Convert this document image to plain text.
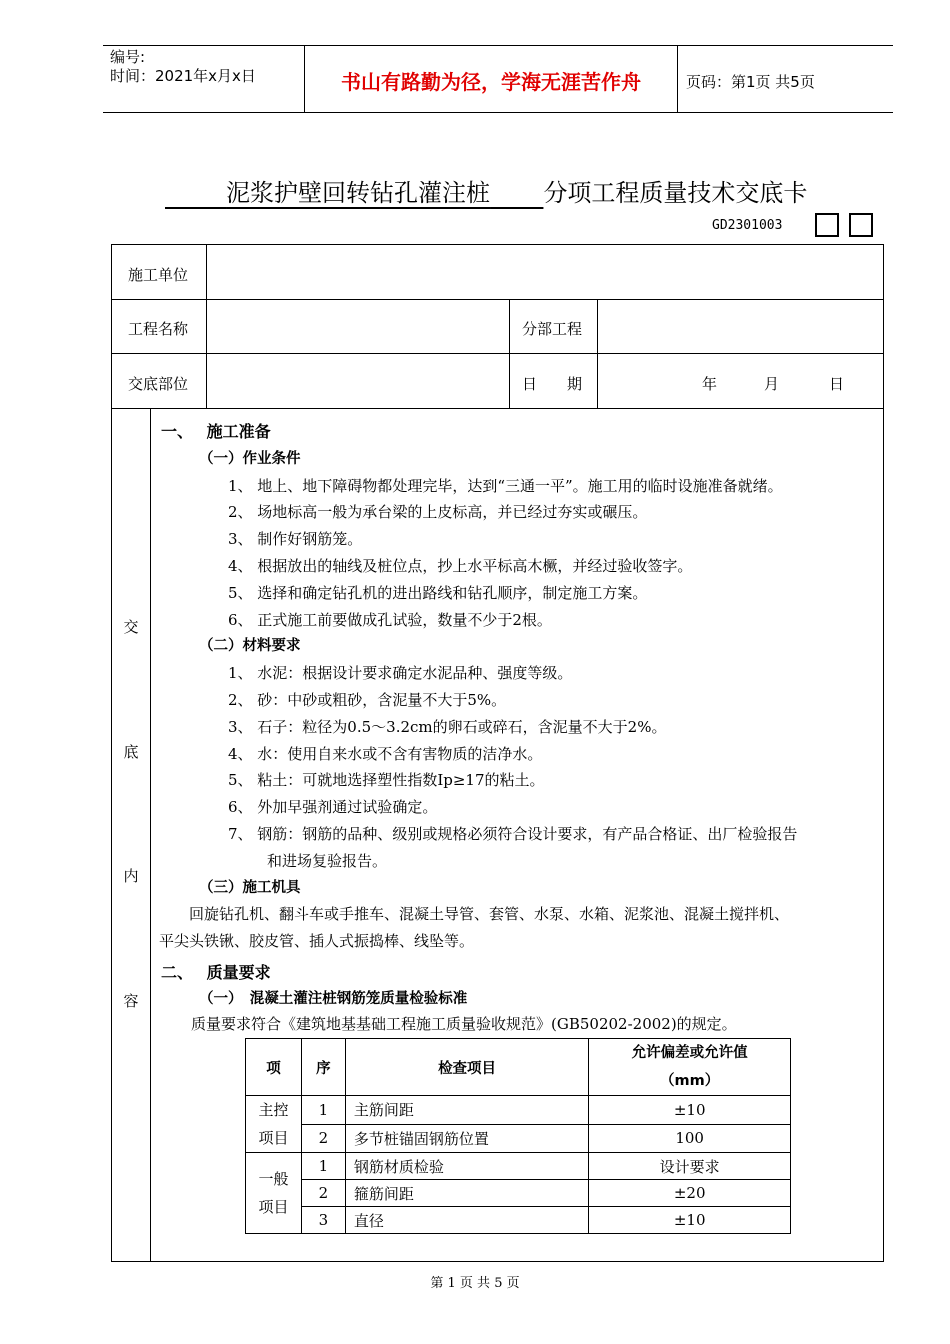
编号:
时间：2021年x月x日	书山有路勤为径，学海无涯苦作舟	页码：第1页 共5页
泥浆护壁回转钻孔灌注桩 分项工程质量技术交底卡
GD2301003
施工单位
工程名称	分部工程
交底部位	日　　期	年	月	日
交
底
内
容

一、　 施工准备

（一）作业条件

1、 地上、地下障碍物都处理完毕，达到“三通一平”。施工用的临时设施准备就绪。

2、 场地标高一般为承台梁的上皮标高，并已经过夯实或碾压。

3、 制作好钢筋笼。

4、 根据放出的轴线及桩位点，抄上水平标高木橛，并经过验收签字。

5、 选择和确定钻孔机的进出路线和钻孔顺序，制定施工方案。

6、 正式施工前要做成孔试验，数量不少于2根。

（二）材料要求

1、 水泥：根据设计要求确定水泥品种、强度等级。

2、 砂：中砂或粗砂，含泥量不大于5%。

3、 石子：粒径为0.5～3.2cm的卵石或碎石，含泥量不大于2%。

4、 水：使用自来水或不含有害物质的洁净水。

5、 粘土：可就地选择塑性指数Ip≥17的粘土。

6、 外加早强剂通过试验确定。

7、 钢筋：钢筋的品种、级别或规格必须符合设计要求，有产品合格证、出厂检验报告

和进场复验报告。

（三）施工机具

　　回旋钻孔机、翻斗车或手推车、混凝土导管、套管、水泵、水箱、泥浆池、混凝土搅拌机、

平尖头铁锹、胶皮管、插人式振捣棒、线坠等。

二、　 质量要求

（一）　混凝土灌注桩钢筋笼质量检验标准

　　质量要求符合《建筑地基基础工程施工质量验收规范》(GB50202-2002)的规定。

项	序	检查项目	允许偏差或允许值
（mm）

主控
项目	1	主筋间距	±10
	2	多节桩锚固钢筋位置	100

一般
项目	1	钢筋材质检验	设计要求
	2	箍筋间距	±20
	3	直径	±10
第 1 页 共 5 页
